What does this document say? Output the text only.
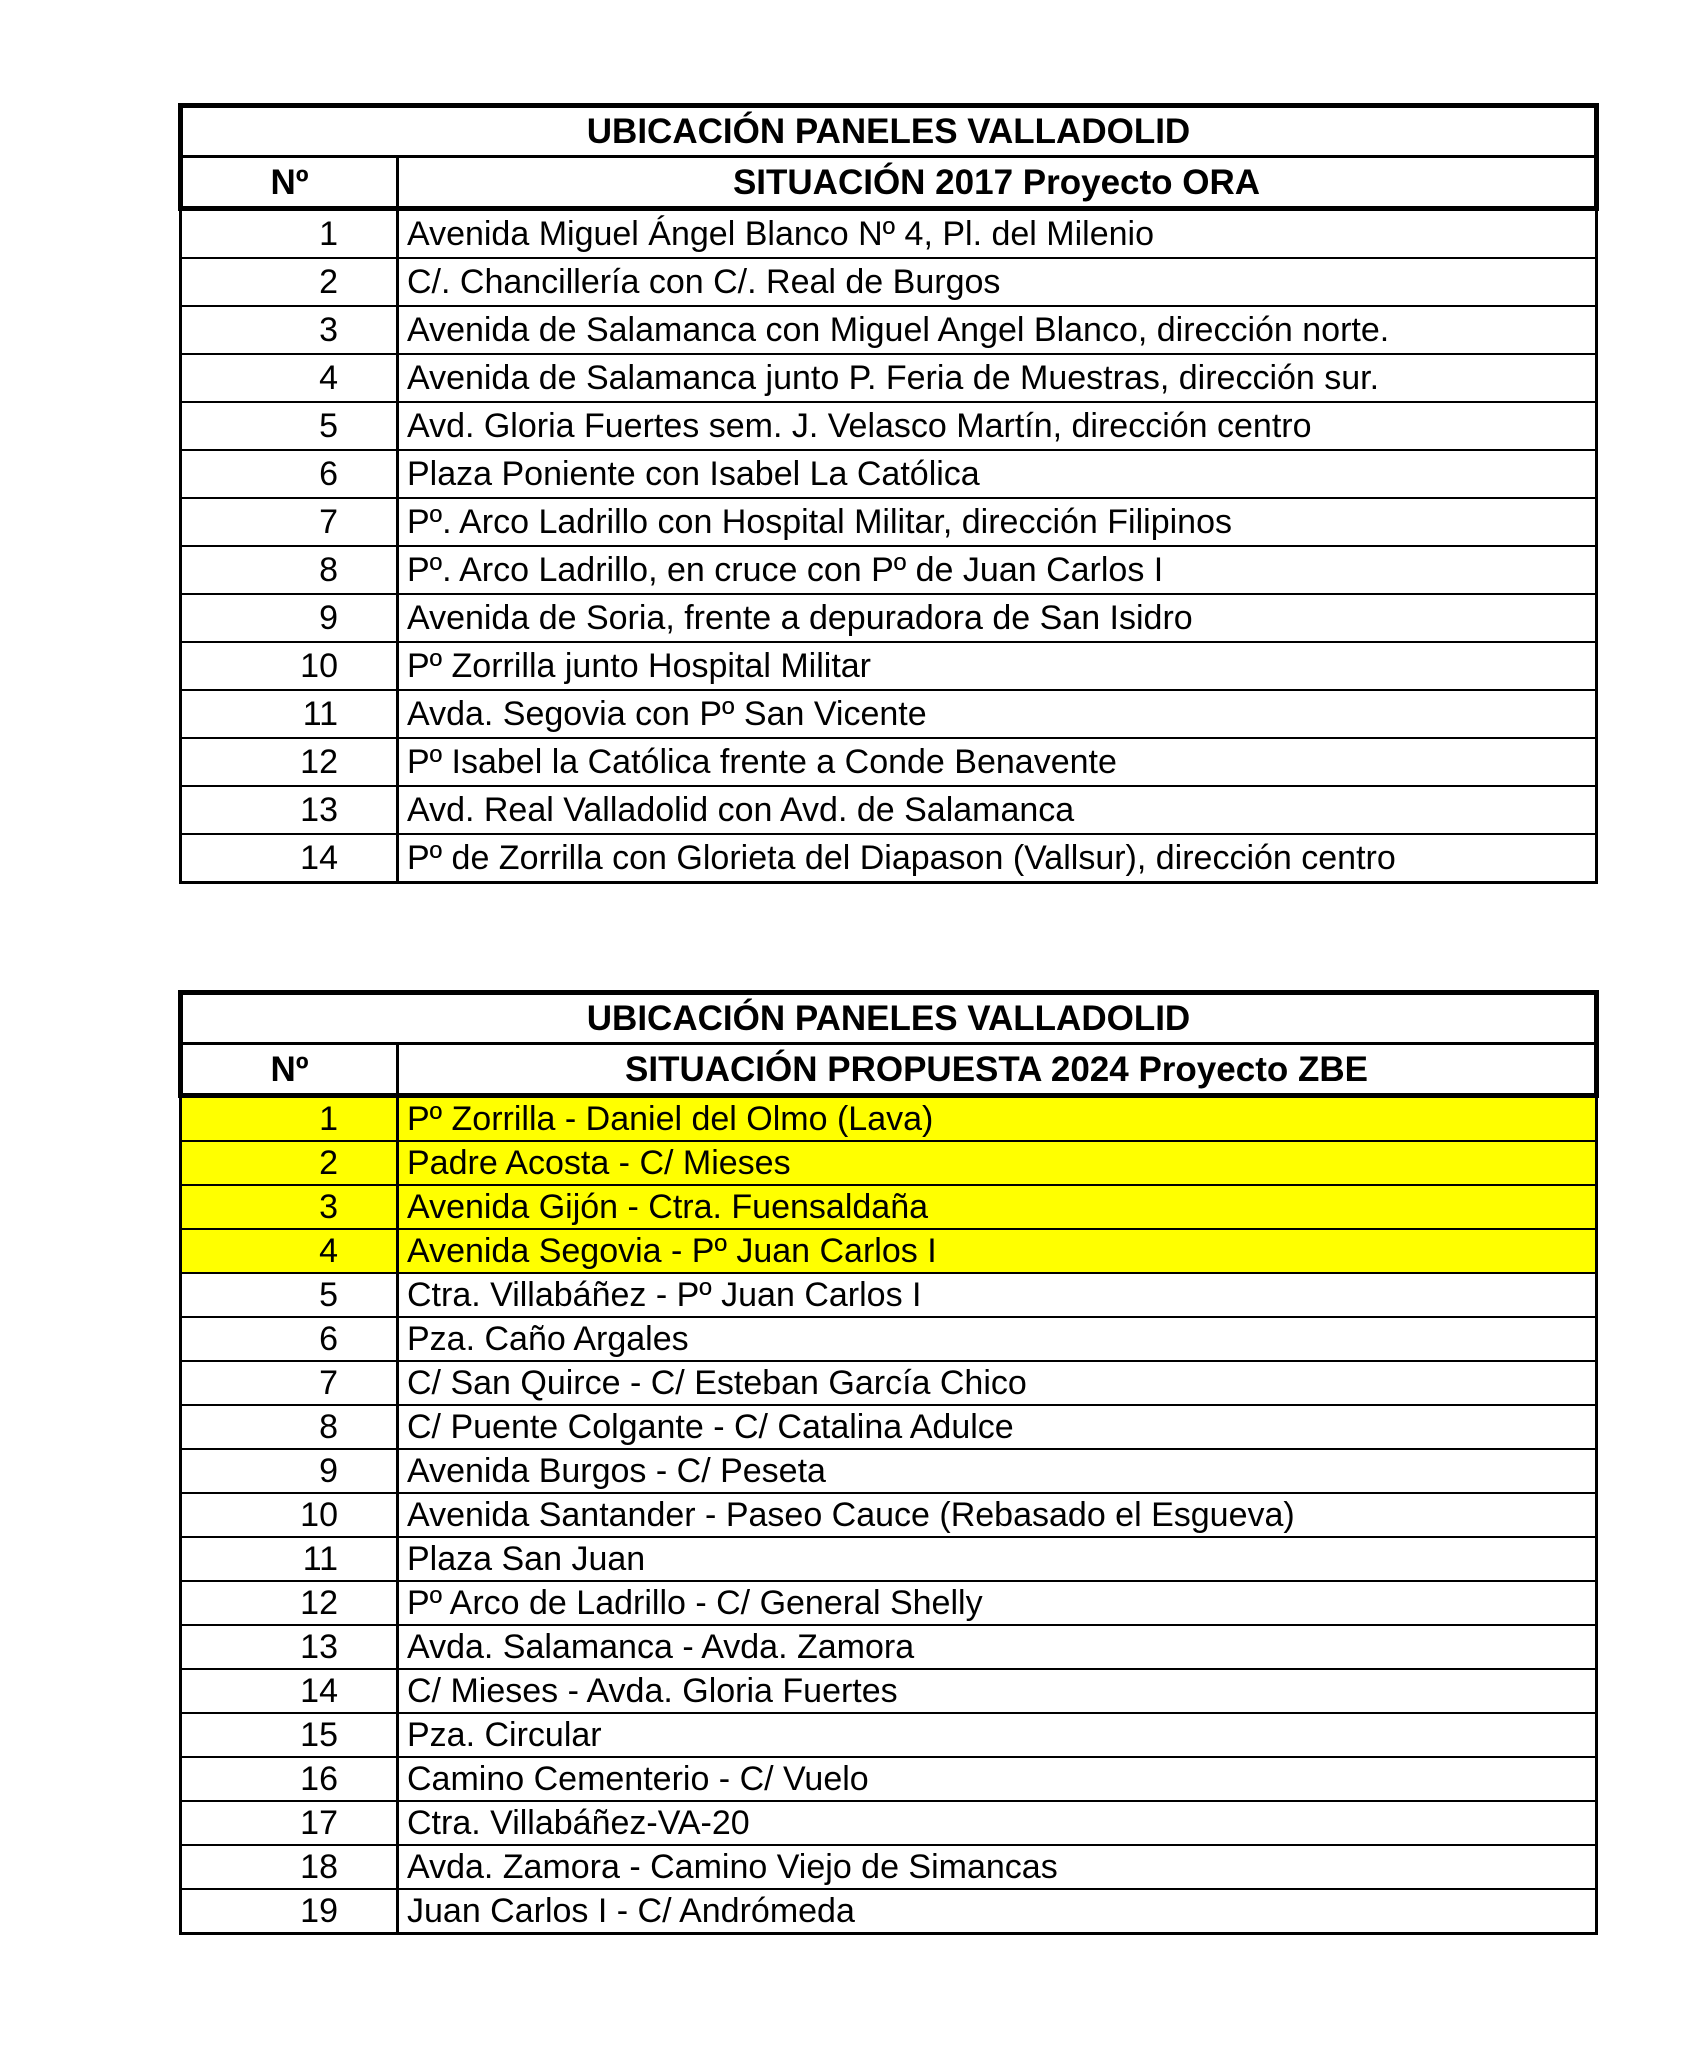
UBICACIÓN PANELES VALLADOLID	
Nº	SITUACIÓN 2017 Proyecto ORA
1	Avenida Miguel Ángel Blanco Nº 4, Pl. del Milenio
2	C/. Chancillería con C/. Real de Burgos
3	Avenida de Salamanca con Miguel Angel Blanco, dirección norte.
4	Avenida de Salamanca junto P. Feria de Muestras, dirección sur.
5	Avd. Gloria Fuertes sem. J. Velasco Martín, dirección centro
6	Plaza Poniente con Isabel La Católica
7	Pº. Arco Ladrillo con Hospital Militar, dirección Filipinos
8	Pº. Arco Ladrillo, en cruce con Pº de Juan Carlos I
9	Avenida de Soria, frente a depuradora de San Isidro
10	Pº Zorrilla junto Hospital Militar
11	Avda. Segovia con Pº San Vicente
12	Pº Isabel la Católica frente a Conde Benavente
13	Avd. Real Valladolid con Avd. de Salamanca
14	Pº de Zorrilla con Glorieta del Diapason (Vallsur), dirección centro
UBICACIÓN PANELES VALLADOLID	
Nº	SITUACIÓN PROPUESTA 2024 Proyecto ZBE
1	Pº Zorrilla - Daniel del Olmo (Lava)
2	Padre Acosta - C/ Mieses
3	Avenida Gijón - Ctra. Fuensaldaña
4	Avenida Segovia - Pº Juan Carlos I
5	Ctra. Villabáñez - Pº Juan Carlos I
6	Pza. Caño Argales
7	C/ San Quirce - C/ Esteban García Chico
8	C/ Puente Colgante - C/ Catalina Adulce
9	Avenida Burgos - C/ Peseta
10	Avenida Santander - Paseo Cauce (Rebasado el Esgueva)
11	Plaza San Juan
12	Pº Arco de Ladrillo - C/ General Shelly
13	Avda. Salamanca - Avda. Zamora
14	C/ Mieses - Avda. Gloria Fuertes
15	Pza. Circular
16	Camino Cementerio - C/ Vuelo
17	Ctra. Villabáñez-VA-20
18	Avda. Zamora - Camino Viejo de Simancas
19	Juan Carlos I - C/ Andrómeda
